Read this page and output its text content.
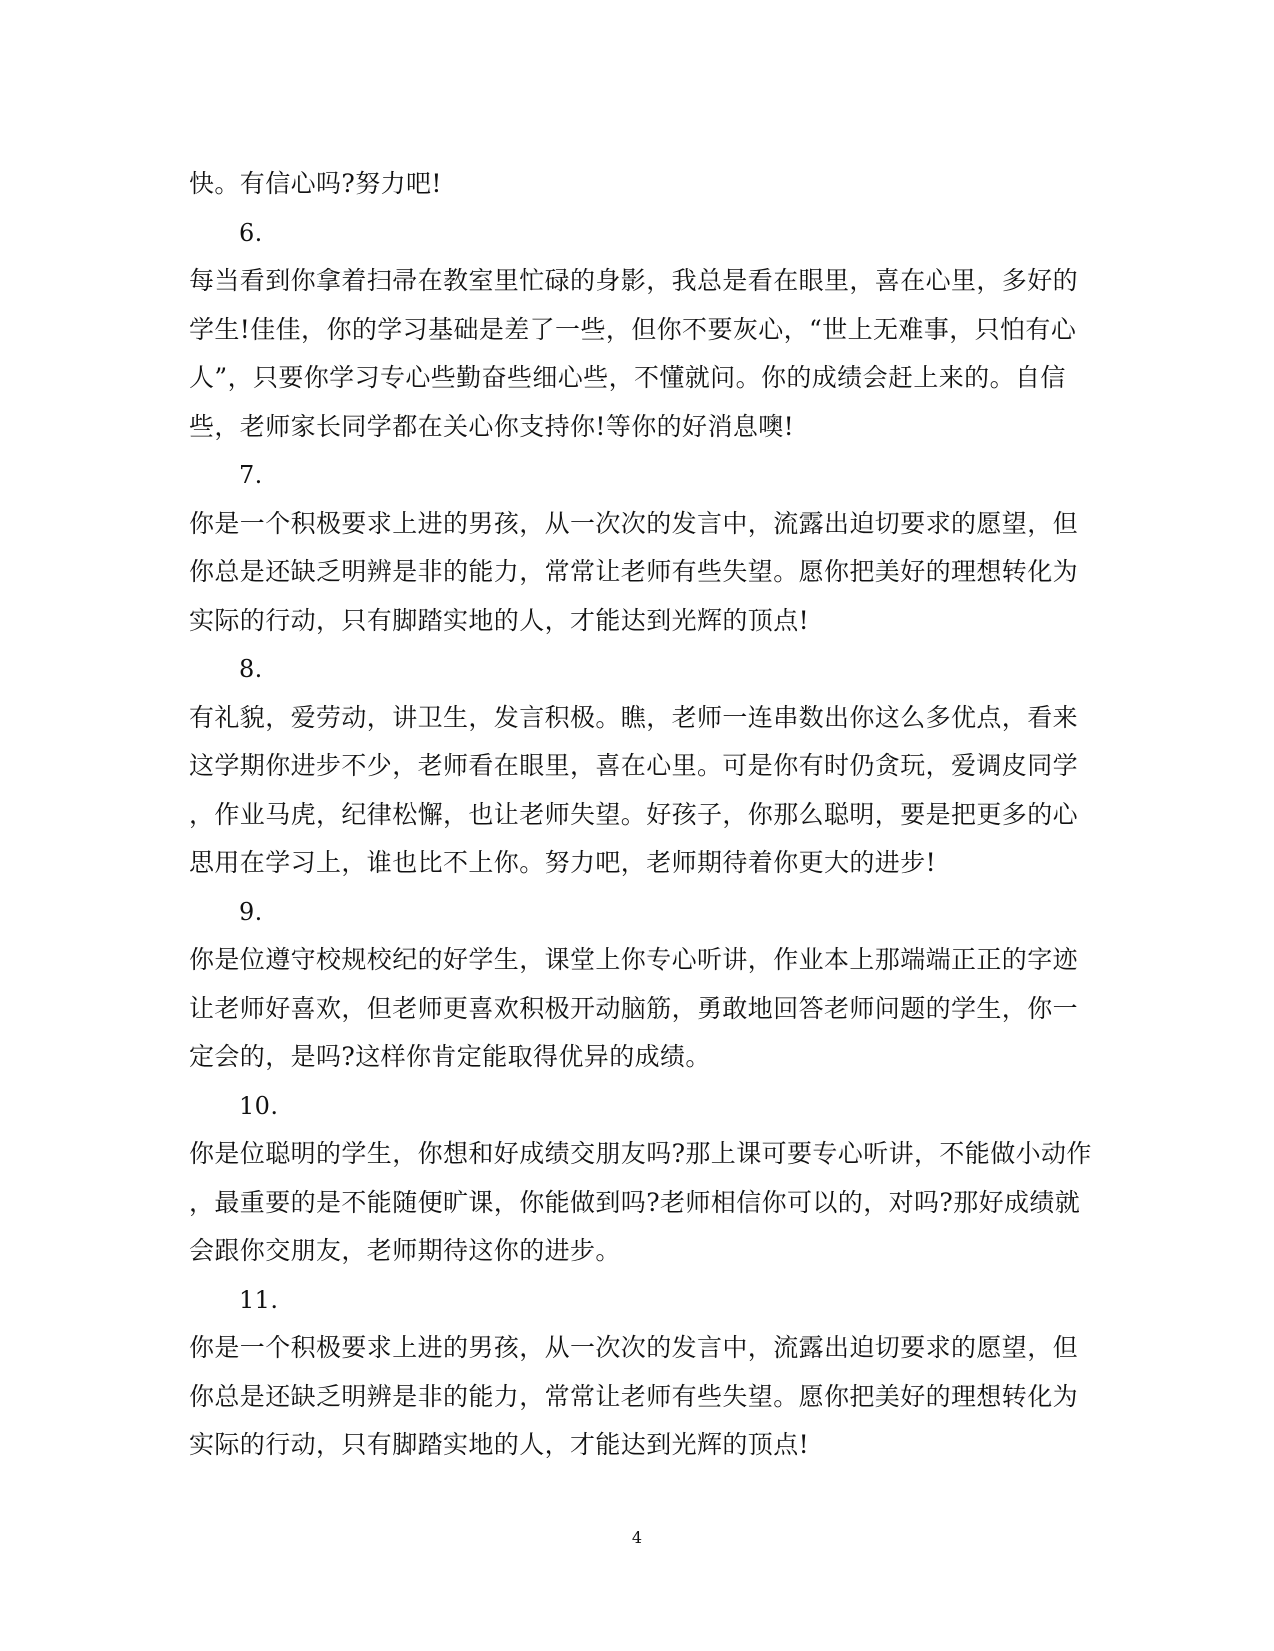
快。有信心吗?努力吧!
6.
每当看到你拿着扫帚在教室里忙碌的身影，我总是看在眼里，喜在心里，多好的
学生!佳佳，你的学习基础是差了一些，但你不要灰心，“世上无难事，只怕有心
人”，只要你学习专心些勤奋些细心些，不懂就问。你的成绩会赶上来的。自信
些，老师家长同学都在关心你支持你!等你的好消息噢!
7.
你是一个积极要求上进的男孩，从一次次的发言中，流露出迫切要求的愿望，但
你总是还缺乏明辨是非的能力，常常让老师有些失望。愿你把美好的理想转化为
实际的行动，只有脚踏实地的人，才能达到光辉的顶点!
8.
有礼貌，爱劳动，讲卫生，发言积极。瞧，老师一连串数出你这么多优点，看来
这学期你进步不少，老师看在眼里，喜在心里。可是你有时仍贪玩，爱调皮同学
，作业马虎，纪律松懈，也让老师失望。好孩子，你那么聪明，要是把更多的心
思用在学习上，谁也比不上你。努力吧，老师期待着你更大的进步!
9.
你是位遵守校规校纪的好学生，课堂上你专心听讲，作业本上那端端正正的字迹
让老师好喜欢，但老师更喜欢积极开动脑筋，勇敢地回答老师问题的学生，你一
定会的，是吗?这样你肯定能取得优异的成绩。
10.
你是位聪明的学生，你想和好成绩交朋友吗?那上课可要专心听讲，不能做小动作
，最重要的是不能随便旷课，你能做到吗?老师相信你可以的，对吗?那好成绩就
会跟你交朋友，老师期待这你的进步。
11.
你是一个积极要求上进的男孩，从一次次的发言中，流露出迫切要求的愿望，但
你总是还缺乏明辨是非的能力，常常让老师有些失望。愿你把美好的理想转化为
实际的行动，只有脚踏实地的人，才能达到光辉的顶点!
4
